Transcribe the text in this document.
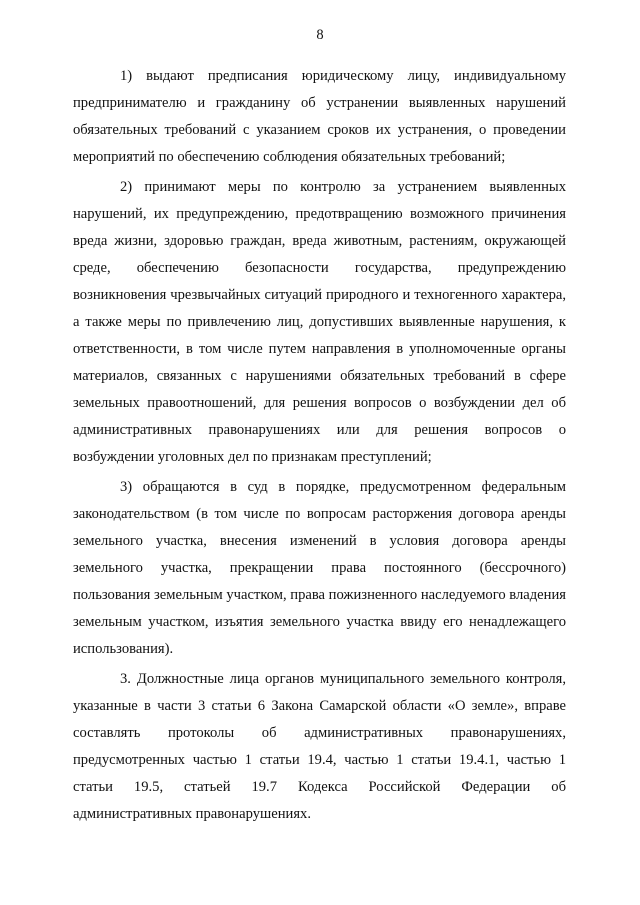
8

1) выдают предписания юридическому лицу, индивидуальному предпринимателю и гражданину об устранении выявленных нарушений обязательных требований с указанием сроков их устранения, о проведении мероприятий по обеспечению соблюдения обязательных требований;

2) принимают меры по контролю за устранением выявленных нарушений, их предупреждению, предотвращению возможного причинения вреда жизни, здоровью граждан, вреда животным, растениям, окружающей среде, обеспечению безопасности государства, предупреждению возникновения чрезвычайных ситуаций природного и техногенного характера, а также меры по привлечению лиц, допустивших выявленные нарушения, к ответственности, в том числе путем направления в уполномоченные органы материалов, связанных с нарушениями обязательных требований в сфере земельных правоотношений, для решения вопросов о возбуждении дел об административных правонарушениях или для решения вопросов о возбуждении уголовных дел по признакам преступлений;

3) обращаются в суд в порядке, предусмотренном федеральным законодательством (в том числе по вопросам расторжения договора аренды земельного участка, внесения изменений в условия договора аренды земельного участка, прекращении права постоянного (бессрочного) пользования земельным участком, права пожизненного наследуемого владения земельным участком, изъятия земельного участка ввиду его ненадлежащего использования).

3. Должностные лица органов муниципального земельного контроля, указанные в части 3 статьи 6 Закона Самарской области «О земле», вправе составлять протоколы об административных правонарушениях, предусмотренных частью 1 статьи 19.4, частью 1 статьи 19.4.1, частью 1 статьи 19.5, статьей 19.7 Кодекса Российской Федерации об административных правонарушениях.
